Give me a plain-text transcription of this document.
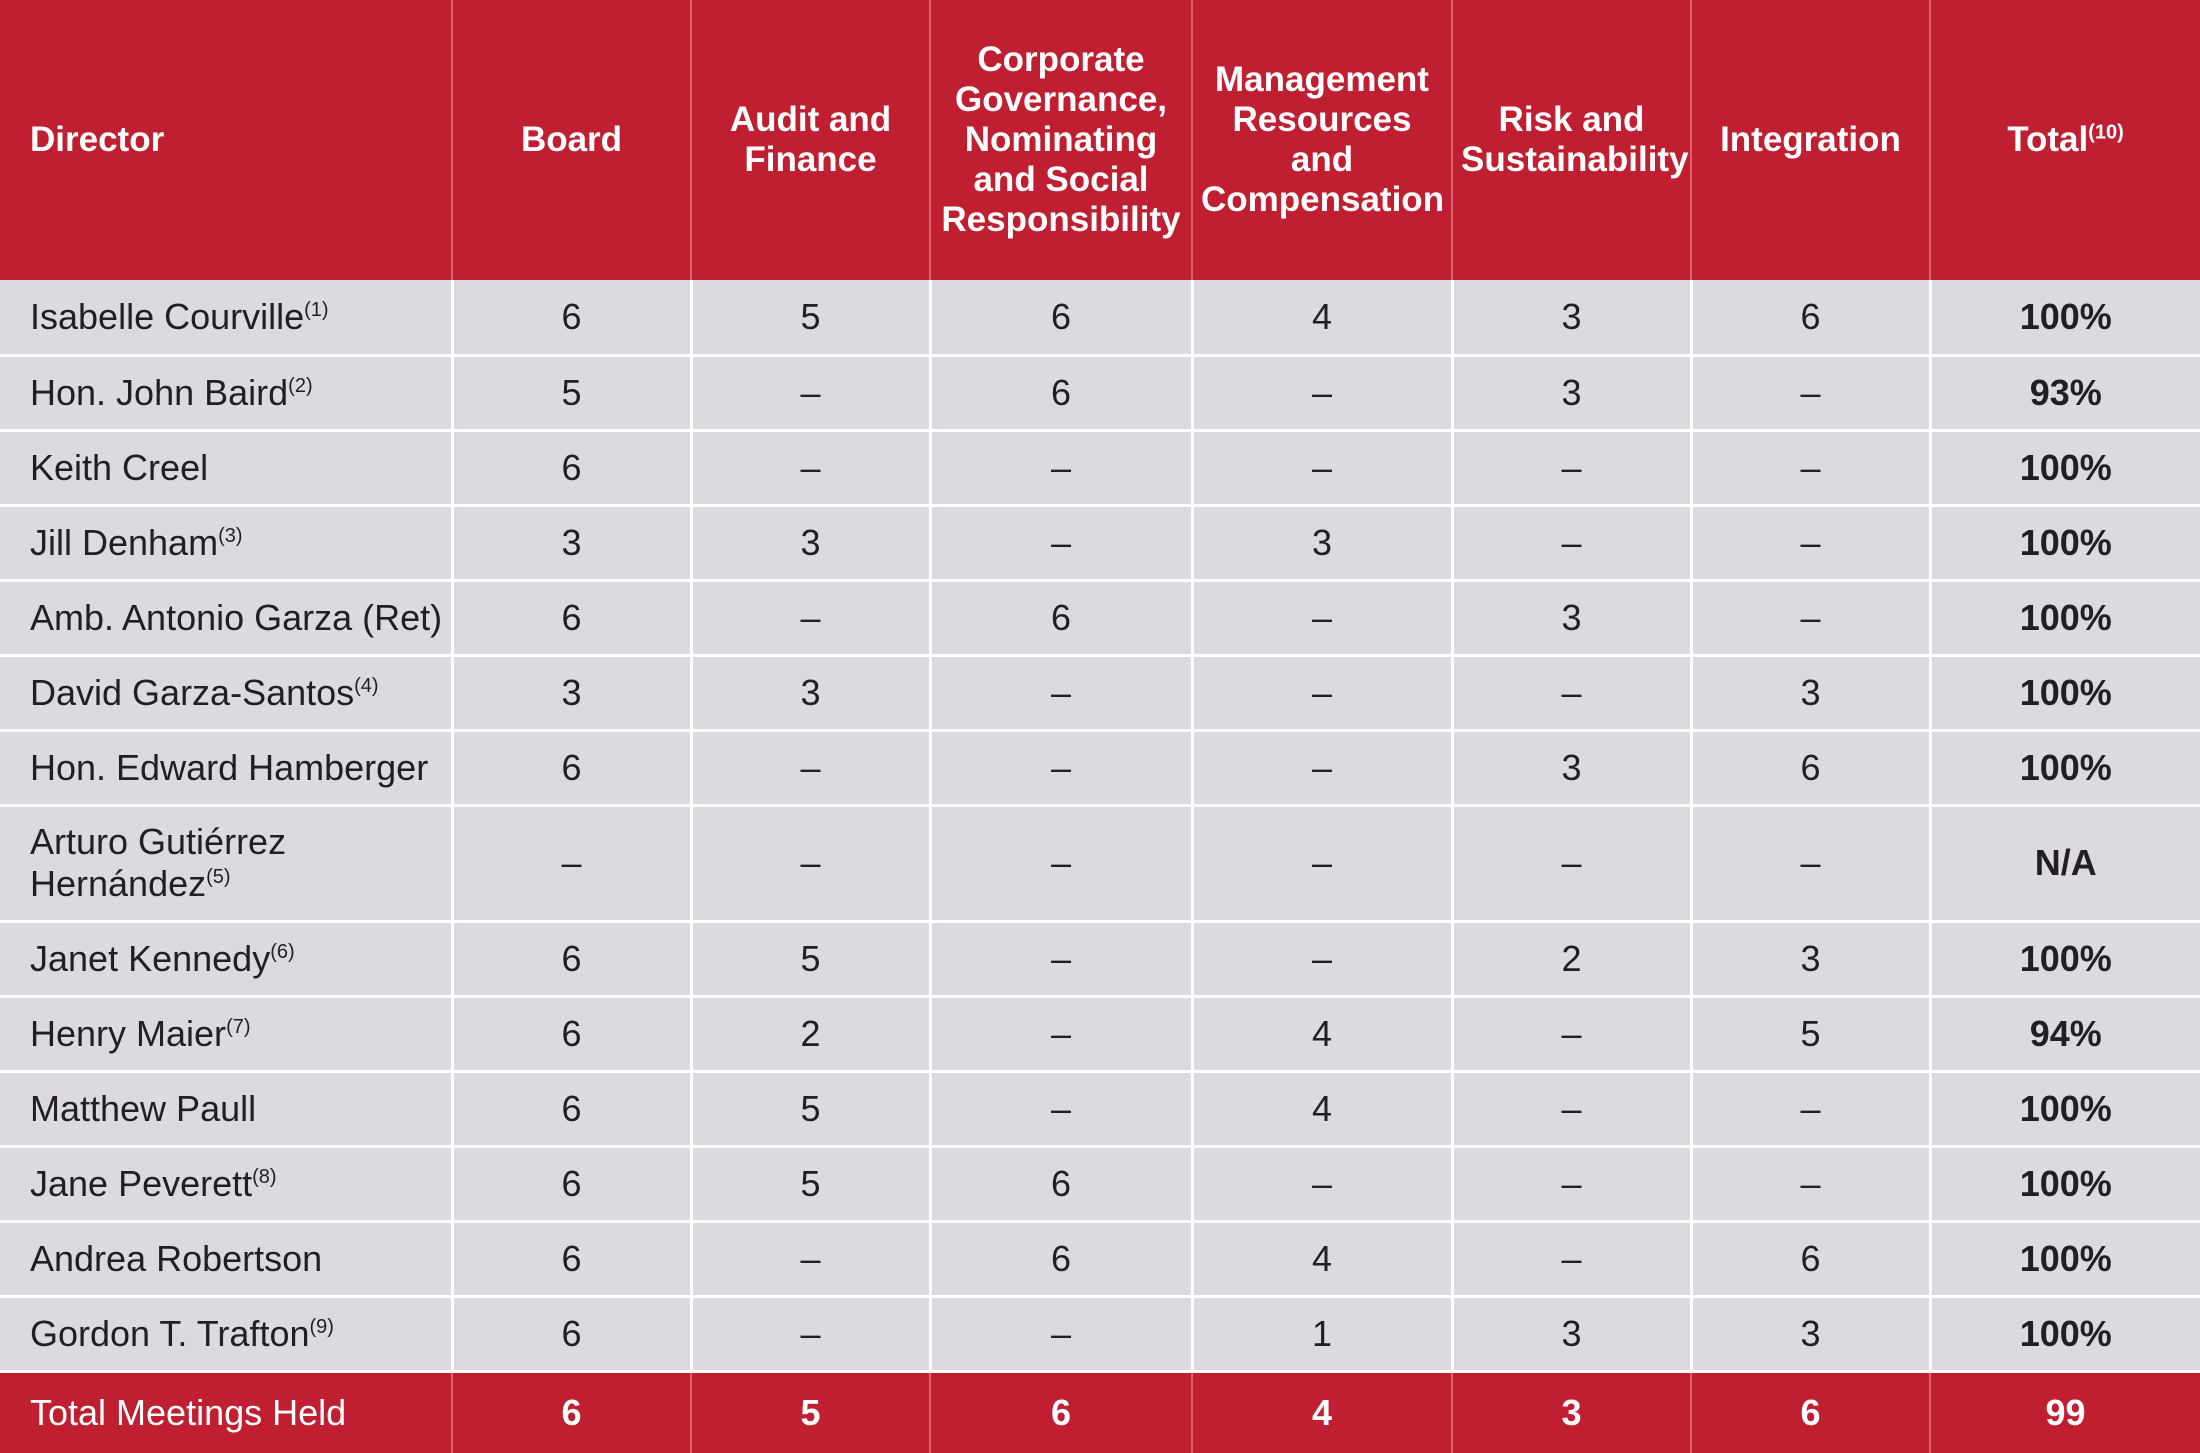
Director	Board	Audit and Finance	Corporate Governance, Nominating and Social Responsibility	Management Resources and Compensation	Risk and Sustainability	Integration	Total$^{(10)}$
Isabelle Courville$^{(1)}$	6	5	6	4	3	6	100%
Hon. John Baird$^{(2)}$	5	–	6	–	3	–	93%
Keith Creel	6	–	–	–	–	–	100%
Jill Denham$^{(3)}$	3	3	–	3	–	–	100%
Amb. Antonio Garza (Ret)	6	–	6	–	3	–	100%
David Garza-Santos$^{(4)}$	3	3	–	–	–	3	100%
Hon. Edward Hamberger	6	–	–	–	3	6	100%
Arturo Gutiérrez Hernández$^{(5)}$	–	–	–	–	–	–	N/A
Janet Kennedy$^{(6)}$	6	5	–	–	2	3	100%
Henry Maier$^{(7)}$	6	2	–	4	–	5	94%
Matthew Paull	6	5	–	4	–	–	100%
Jane Peverett$^{(8)}$	6	5	6	–	–	–	100%
Andrea Robertson	6	–	6	4	–	6	100%
Gordon T. Trafton$^{(9)}$	6	–	–	1	3	3	100%
Total Meetings Held	6	5	6	4	3	6	99
